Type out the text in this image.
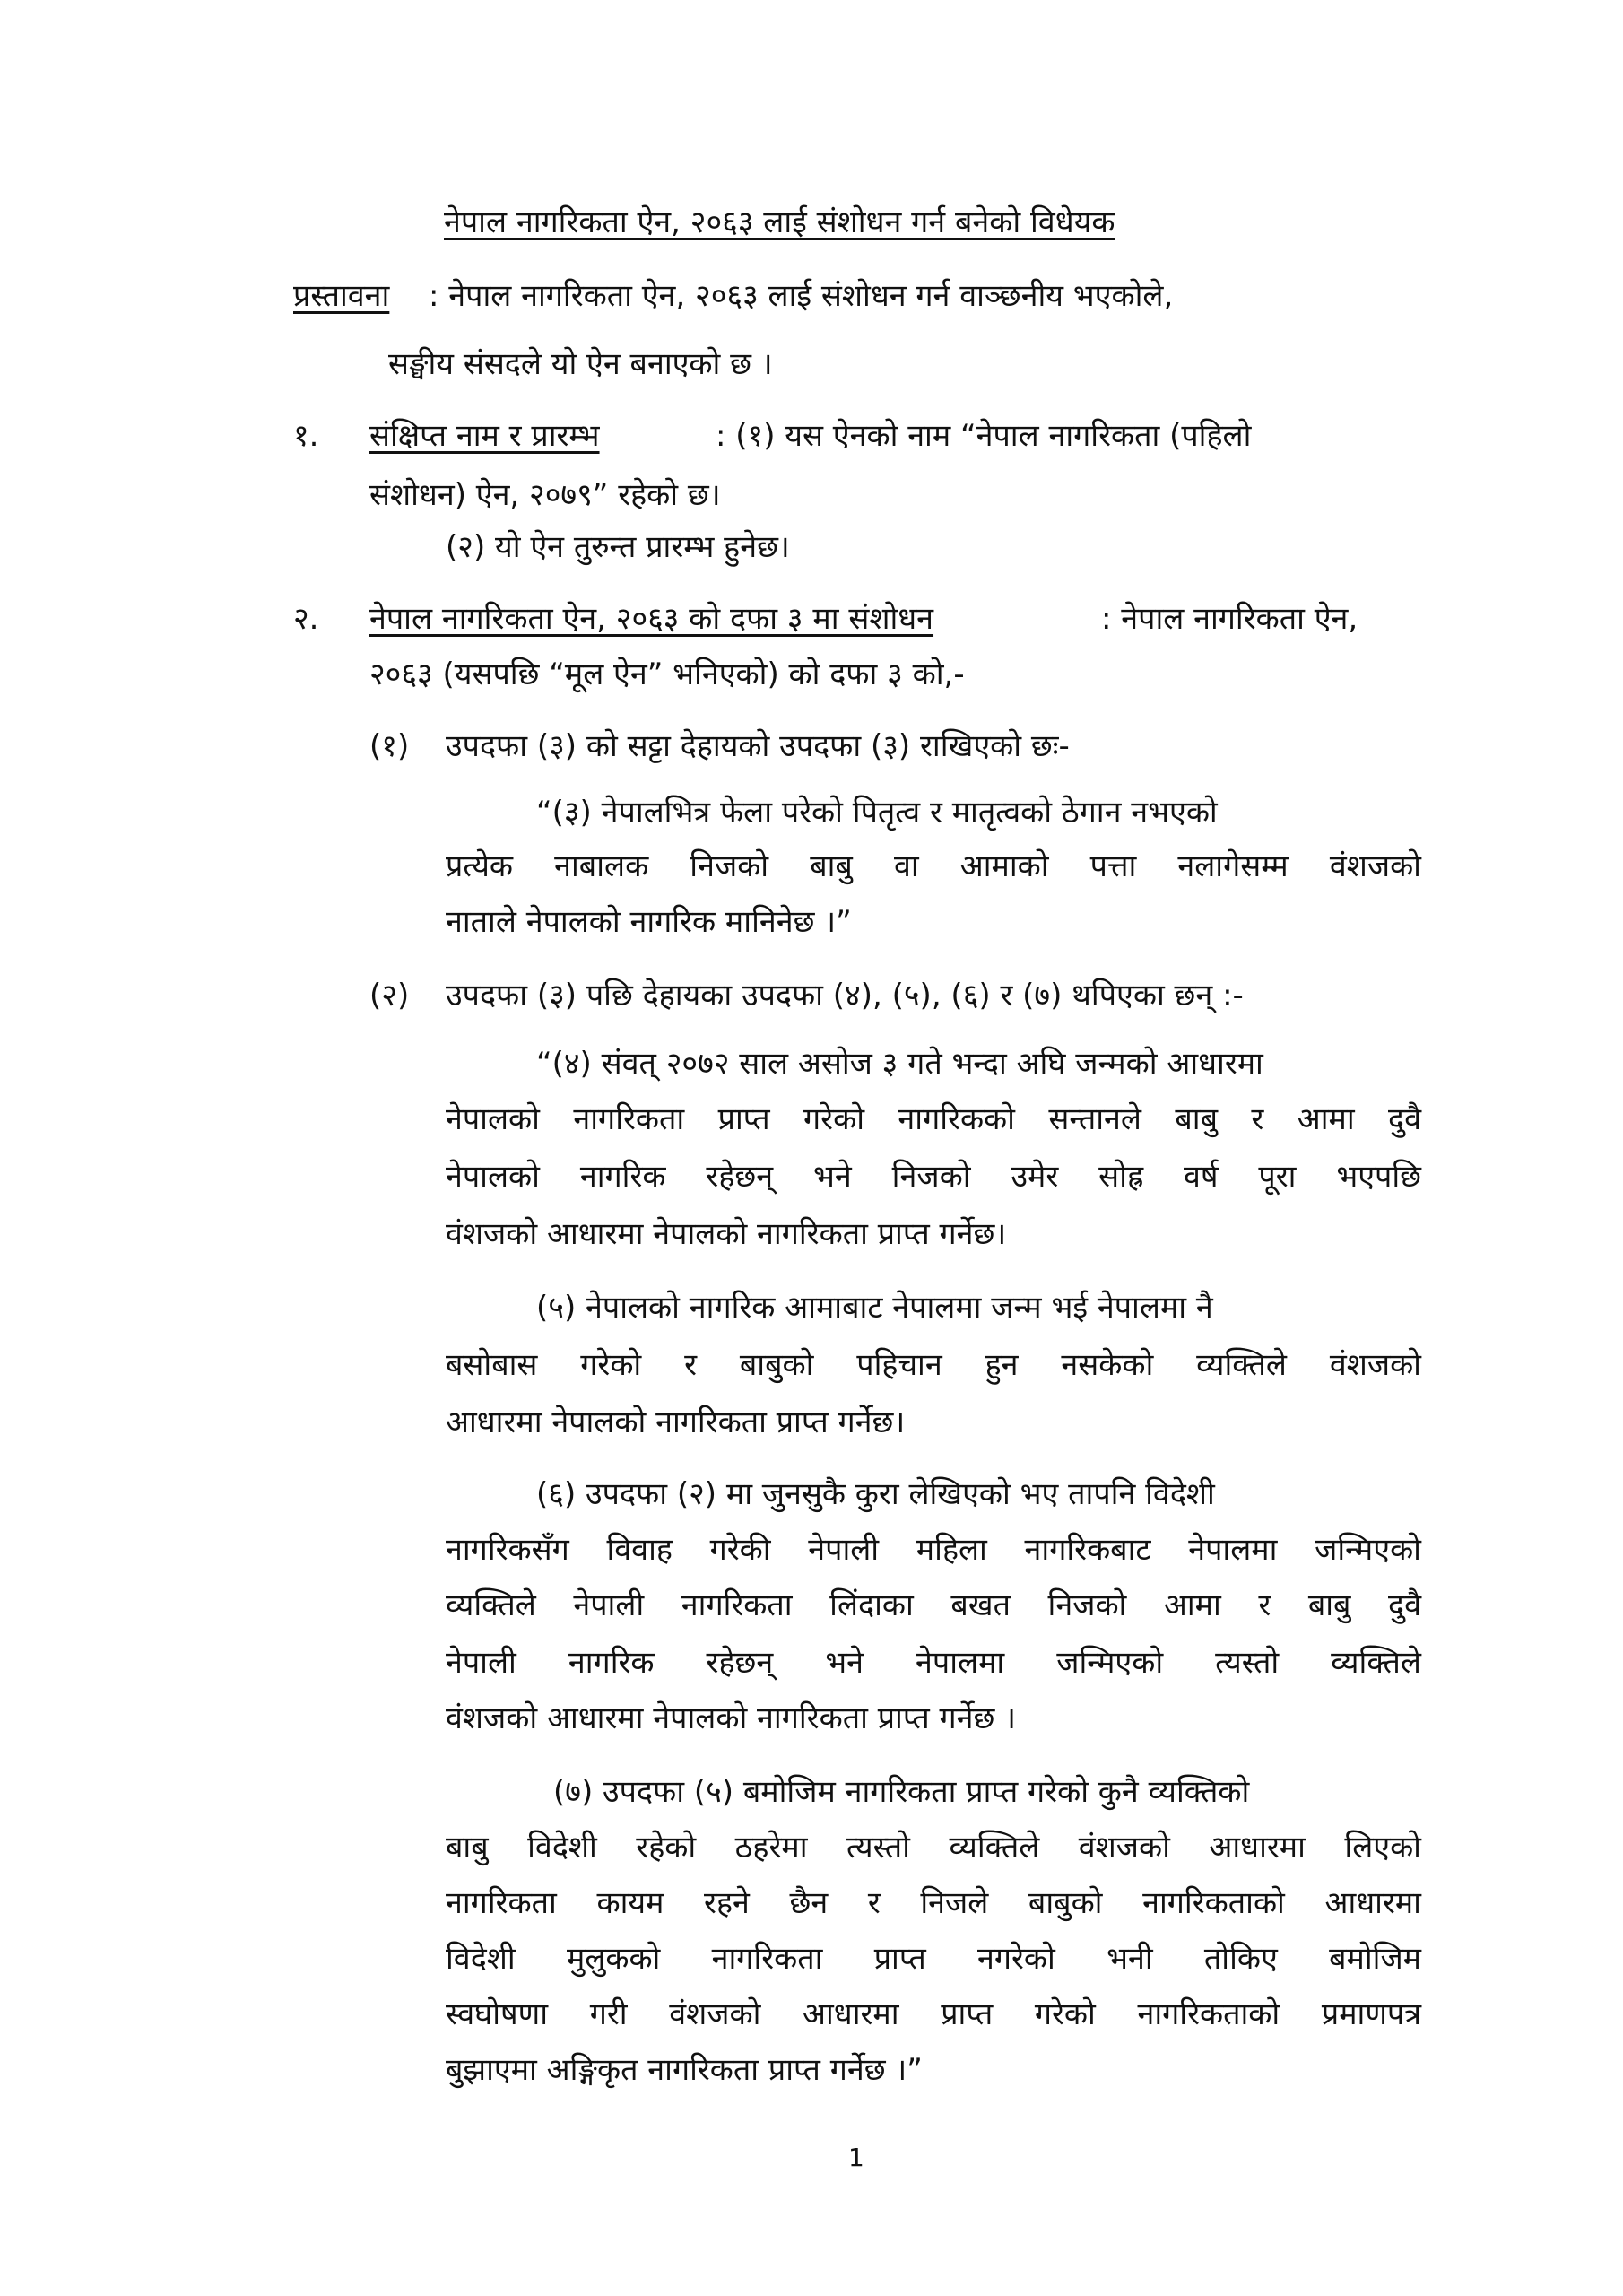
नेपाल नागरिकता ऐन, २०६३ लाई संशोधन गर्न बनेको विधेयक
प्रस्तावना : नेपाल नागरिकता ऐन, २०६३ लाई संशोधन गर्न वाञ्छनीय भएकोले,
सङ्घीय संसदले यो ऐन बनाएको छ ।
१. संक्षिप्त नाम र प्रारम्भ	: (१) यस ऐनको नाम “नेपाल नागरिकता (पहिलो
संशोधन) ऐन, २०७९” रहेको छ।
(२) यो ऐन तुरुन्त प्रारम्भ हुनेछ।
२. नेपाल नागरिकता ऐन, २०६३ को दफा ३ मा संशोधन	: नेपाल नागरिकता ऐन,
२०६३ (यसपछि “मूल ऐन” भनिएको) को दफा ३ को,-
(१) उपदफा (३) को सट्टा देहायको उपदफा (३) राखिएको छः-
“(३) नेपालभित्र फेला परेको पितृत्व र मातृत्वको ठेगान नभएको
प्रत्येक नाबालक निजको बाबु वा आमाको पत्ता नलागेसम्म वंशजको
नाताले नेपालको नागरिक मानिनेछ ।”
(२) उपदफा (३) पछि देहायका उपदफा (४), (५), (६) र (७) थपिएका छन् :-
“(४) संवत् २०७२ साल असोज ३ गते भन्दा अघि जन्मको आधारमा
नेपालको नागरिकता प्राप्त गरेको नागरिकको सन्तानले बाबु र आमा दुवै
नेपालको नागरिक रहेछन् भने निजको उमेर सोह्र वर्ष पूरा भएपछि
वंशजको आधारमा नेपालको नागरिकता प्राप्त गर्नेछ।
(५) नेपालको नागरिक आमाबाट नेपालमा जन्म भई नेपालमा नै
बसोबास गरेको र बाबुको पहिचान हुन नसकेको व्यक्तिले वंशजको
आधारमा नेपालको नागरिकता प्राप्त गर्नेछ।
(६) उपदफा (२) मा जुनसुकै कुरा लेखिएको भए तापनि विदेशी
नागरिकसँग विवाह गरेकी नेपाली महिला नागरिकबाट नेपालमा जन्मिएको
व्यक्तिले नेपाली नागरिकता लिंदाका बखत निजको आमा र बाबु दुवै
नेपाली नागरिक रहेछन् भने नेपालमा जन्मिएको त्यस्तो व्यक्तिले
वंशजको आधारमा नेपालको नागरिकता प्राप्त गर्नेछ ।
(७) उपदफा (५) बमोजिम नागरिकता प्राप्त गरेको कुनै व्यक्तिको
बाबु विदेशी रहेको ठहरेमा त्यस्तो व्यक्तिले वंशजको आधारमा लिएको
नागरिकता कायम रहने छैन र निजले बाबुको नागरिकताको आधारमा
विदेशी मुलुकको नागरिकता प्राप्त नगरेको भनी तोकिए बमोजिम
स्वघोषणा गरी वंशजको आधारमा प्राप्त गरेको नागरिकताको प्रमाणपत्र
बुझाएमा अङ्गिकृत नागरिकता प्राप्त गर्नेछ ।”
1
